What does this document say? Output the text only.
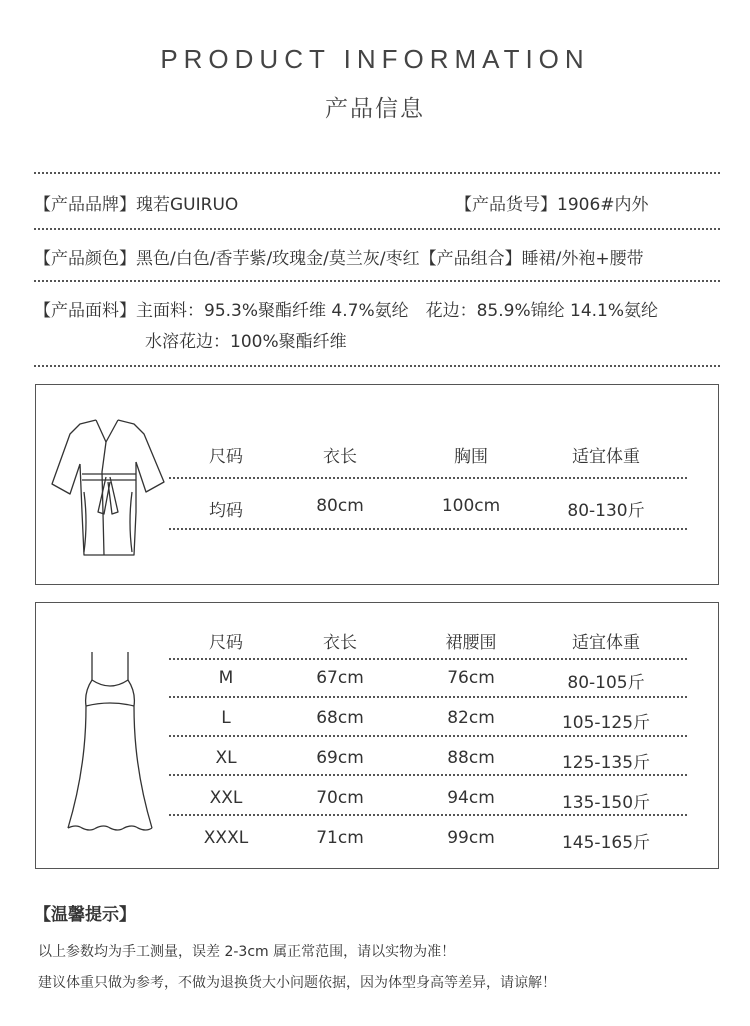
PRODUCT INFORMATION
产品信息
【产品品牌】瑰若GUIRUO	【产品货号】1906#内外
【产品颜色】黑色/白色/香芋紫/玫瑰金/莫兰灰/枣红【产品组合】睡裙/外袍+腰带
【产品面料】主面料：95.3%聚酯纤维 4.7%氨纶　花边：85.9%锦纶 14.1%氨纶
水溶花边：100%聚酯纤维
尺码	衣长	胸围	适宜体重
均码	80cm	100cm	80-130斤
尺码	衣长	裙腰围	适宜体重
M	67cm	76cm	80-105斤
L	68cm	82cm	105-125斤
XL	69cm	88cm	125-135斤
XXL	70cm	94cm	135-150斤
XXXL	71cm	99cm	145-165斤
【温馨提示】
以上参数均为手工测量，误差 2-3cm 属正常范围，请以实物为准！
建议体重只做为参考，不做为退换货大小问题依据，因为体型身高等差异，请谅解！
